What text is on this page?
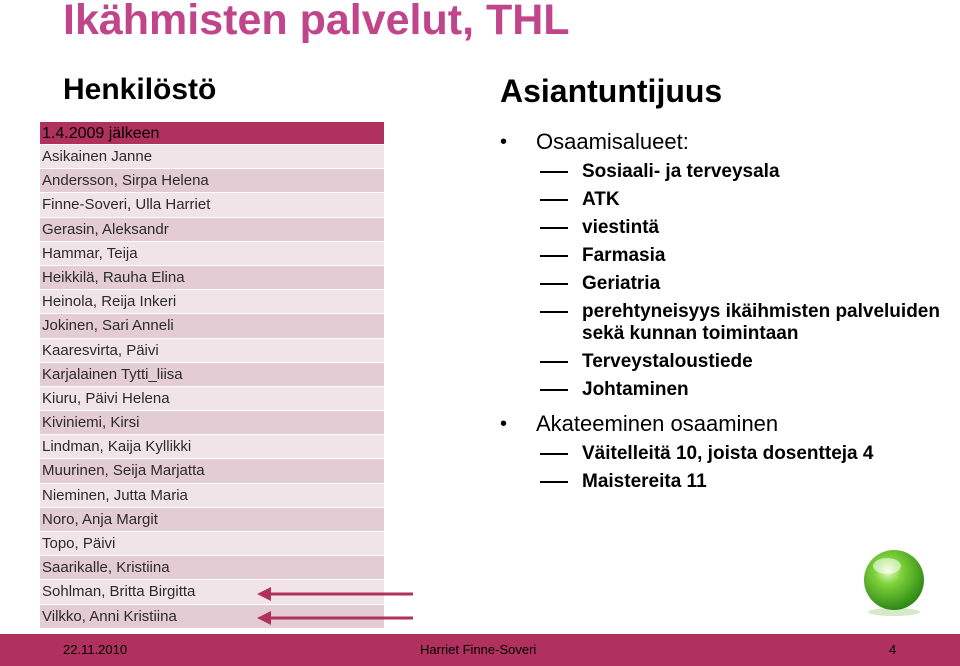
Ikähmisten palvelut, THL
Henkilöstö	Asiantuntijuus
1.4.2009 jälkeen
Asikainen Janne
Andersson, Sirpa Helena
Finne-Soveri, Ulla Harriet
Gerasin, Aleksandr
Hammar, Teija
Heikkilä, Rauha Elina
Heinola, Reija Inkeri
Jokinen, Sari Anneli
Kaaresvirta, Päivi
Karjalainen Tytti_liisa
Kiuru, Päivi Helena
Kiviniemi, Kirsi
Lindman, Kaija Kyllikki
Muurinen, Seija Marjatta
Nieminen, Jutta Maria
Noro, Anja Margit
Topo, Päivi
Saarikalle, Kristiina
Sohlman, Britta Birgitta
Vilkko, Anni Kristiina
• Osaamisalueet:
Sosiaali- ja terveysala
ATK
viestintä
Farmasia
Geriatria
perehtyneisyys ikäihmisten palveluiden sekä kunnan toimintaan
Terveystaloustiede
Johtaminen
• Akateeminen osaaminen
Väitelleitä 10, joista dosentteja 4
Maistereita 11
22.11.2010	Harriet Finne-Soveri	4
